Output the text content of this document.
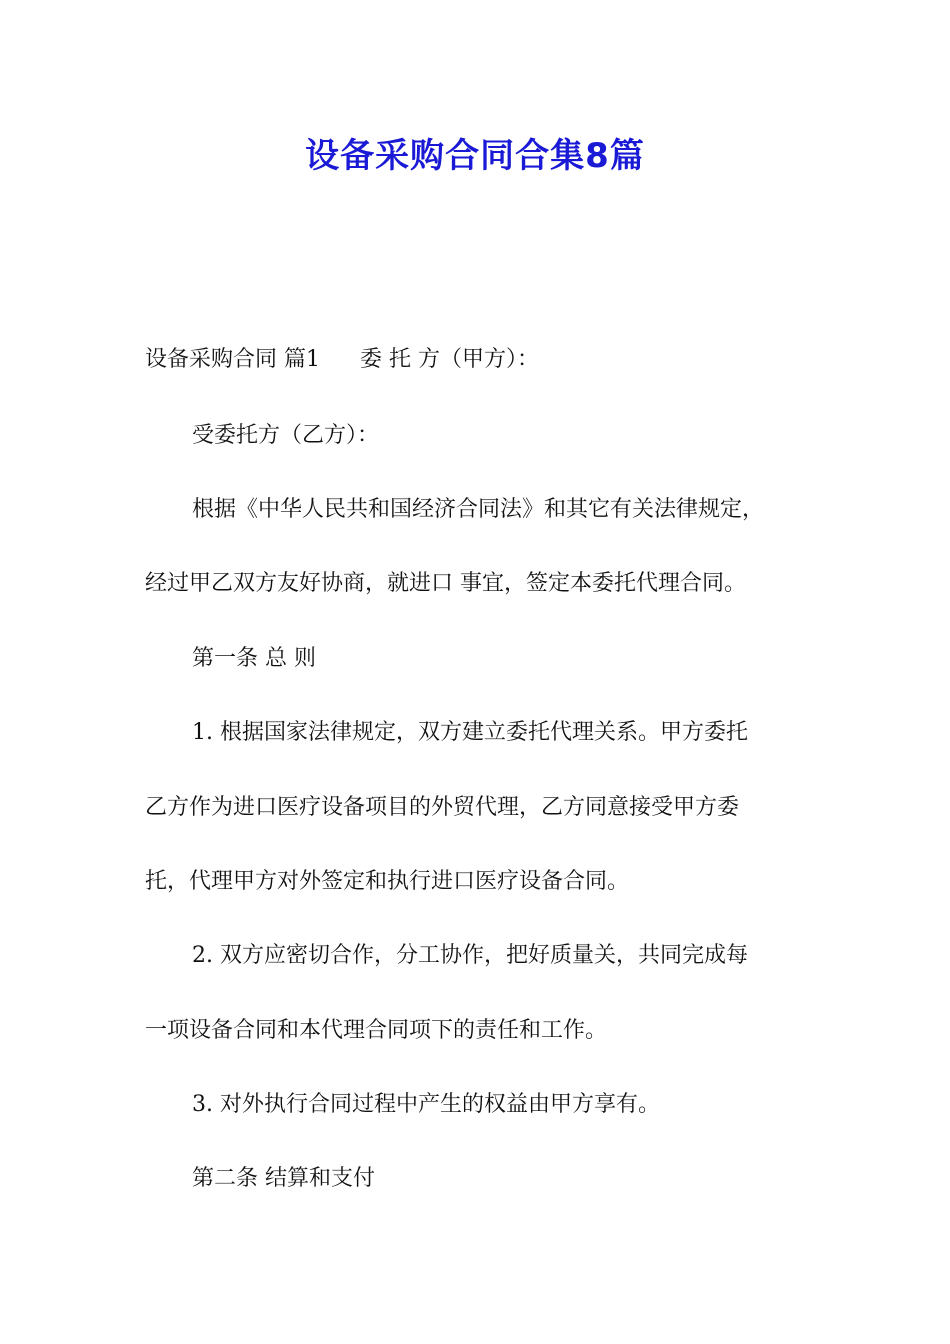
设备采购合同合集8篇

设备采购合同 篇1 委 托 方（甲方）：

受委托方（乙方）：

根据《中华人民共和国经济合同法》和其它有关法律规定，

经过甲乙双方友好协商，就进口 事宜，签定本委托代理合同。

第一条 总 则

1. 根据国家法律规定，双方建立委托代理关系。甲方委托

乙方作为进口医疗设备项目的外贸代理，乙方同意接受甲方委

托，代理甲方对外签定和执行进口医疗设备合同。

2. 双方应密切合作，分工协作，把好质量关，共同完成每

一项设备合同和本代理合同项下的责任和工作。

3. 对外执行合同过程中产生的权益由甲方享有。

第二条 结算和支付
